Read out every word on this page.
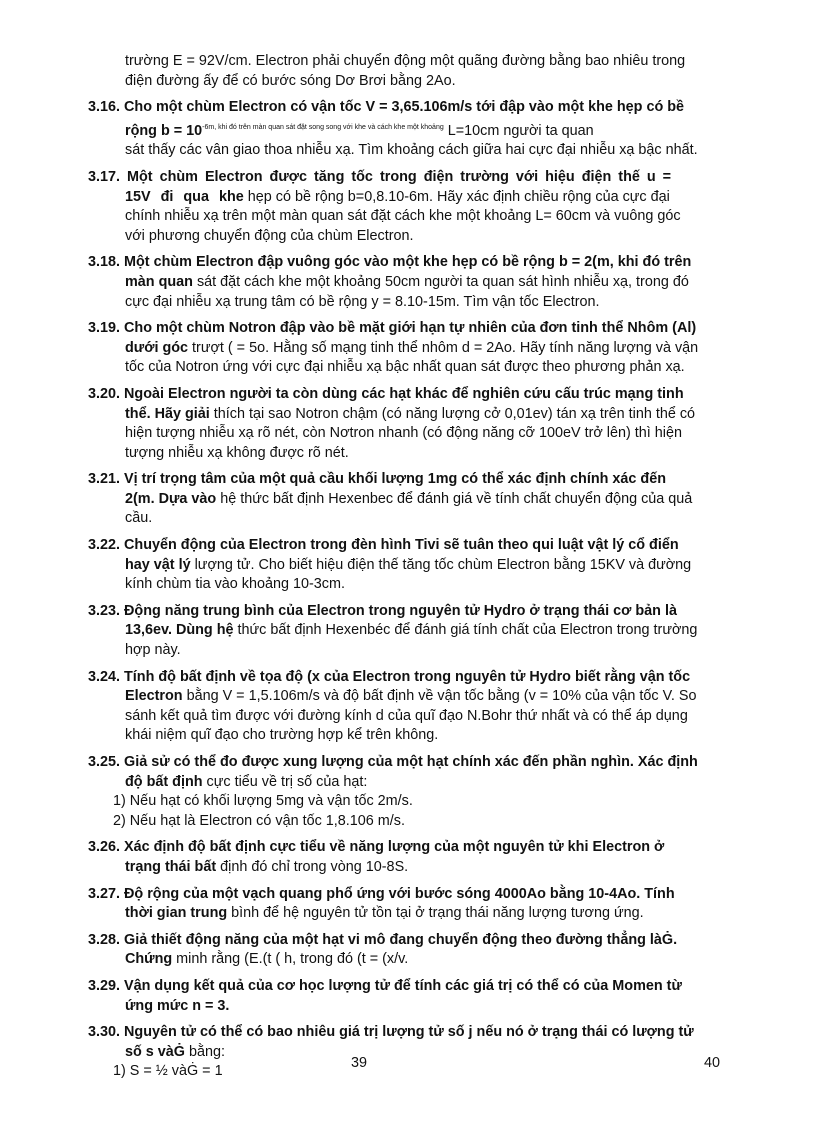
trường E = 92V/cm. Electron phải chuyển động một quãng đường bằng bao nhiêu trong
điện đường ấy để có bước sóng Dơ Brơi bằng 2Ao.
3.16. Cho một chùm Electron có vận tốc V = 3,65.106m/s tới đập vào một khe hẹp có bề
rộng $b = 10^{-6m, khi đó trên màn quan sát đặt song song với khe và cách khe một khoảng}$ L=10cm người ta quan
sát thấy các vân giao thoa nhiễu xạ. Tìm khoảng cách giữa hai cực đại nhiễu xạ bậc nhất.
3.17. Một chùm Electron được tăng tốc trong điện trường với hiệu điện thế u =
15V đi qua khe hẹp có bề rộng b=0,8.10-6m. Hãy xác định chiều rộng của cực đại
chính nhiễu xạ trên một màn quan sát đặt cách khe một khoảng L= 60cm và vuông góc
với phương chuyển động của chùm Electron.
3.18. Một chùm Electron đập vuông góc vào một khe hẹp có bề rộng b = 2(m, khi đó trên
màn quan sát đặt cách khe một khoảng 50cm người ta quan sát hình nhiễu xạ, trong đó
cực đại nhiễu xạ trung tâm có bề rộng y = 8.10-15m. Tìm vận tốc Electron.
3.19. Cho một chùm Notron đập vào bề mặt giới hạn tự nhiên của đơn tinh thể Nhôm (Al)
dưới góc trượt ( = 5o. Hằng số mạng tinh thể nhôm d = 2Ao. Hãy tính năng lượng và vận
tốc của Notron ứng với cực đại nhiễu xạ bậc nhất quan sát được theo phương phản xạ.
3.20. Ngoài Electron người ta còn dùng các hạt khác để nghiên cứu cấu trúc mạng tinh
thể. Hãy giải thích tại sao Notron chậm (có năng lượng cở 0,01ev) tán xạ trên tinh thể có
hiện tượng nhiễu xạ rõ nét, còn Nơtron nhanh (có động năng cỡ 100eV trở lên) thì hiện
tượng nhiễu xạ không được rõ nét.
3.21. Vị trí trọng tâm của một quả cầu khối lượng 1mg có thể xác định chính xác đến
2(m. Dựa vào hệ thức bất định Hexenbec để đánh giá về tính chất chuyển động của quả
cầu.
3.22. Chuyển động của Electron trong đèn hình Tivi sẽ tuân theo qui luật vật lý cổ điển
hay vật lý lượng tử. Cho biết hiệu điện thế tăng tốc chùm Electron bằng 15KV và đường
kính chùm tia vào khoảng 10-3cm.
3.23. Động năng trung bình của Electron trong nguyên tử Hydro ở trạng thái cơ bản là
13,6ev. Dùng hệ thức bất định Hexenbéc để đánh giá tính chất của Electron trong trường
hợp này.
3.24. Tính độ bất định về tọa độ (x của Electron trong nguyên tử Hydro biết rằng vận tốc
Electron bằng V = 1,5.106m/s và độ bất định về vận tốc bằng (v = 10% của vận tốc V. So
sánh kết quả tìm được với đường kính d của quĩ đạo N.Bohr thứ nhất và có thể áp dụng
khái niệm quĩ đạo cho trường hợp kể trên không.
3.25. Giả sử có thể đo được xung lượng của một hạt chính xác đến phần nghìn. Xác định
độ bất định cực tiểu về trị số của hạt:
1) Nếu hạt có khối lượng 5mg và vận tốc 2m/s.
2) Nếu hạt là Electron có vận tốc 1,8.106 m/s.
3.26. Xác định độ bất định cực tiểu về năng lượng của một nguyên tử khi Electron ở
trạng thái bất định đó chỉ trong vòng 10-8S.
3.27. Độ rộng của một vạch quang phổ ứng với bước sóng 4000Ao bằng 10-4Ao. Tính
thời gian trung bình để hệ nguyên tử tồn tại ở trạng thái năng lượng tương ứng.
3.28. Giả thiết động năng của một hạt vi mô đang chuyển động theo đường thẳng làĠ.
Chứng minh rằng (E.(t ( h, trong đó (t = (x/v.
3.29. Vận dụng kết quả của cơ học lượng tử để tính các giá trị có thể có của Momen từ
ứng mức n = 3.
3.30. Nguyên tử có thể có bao nhiêu giá trị lượng tử số j nếu nó ở trạng thái có lượng tử
số s vàĠ bằng:
1) S = ½ vàĠ = 1
39	40
